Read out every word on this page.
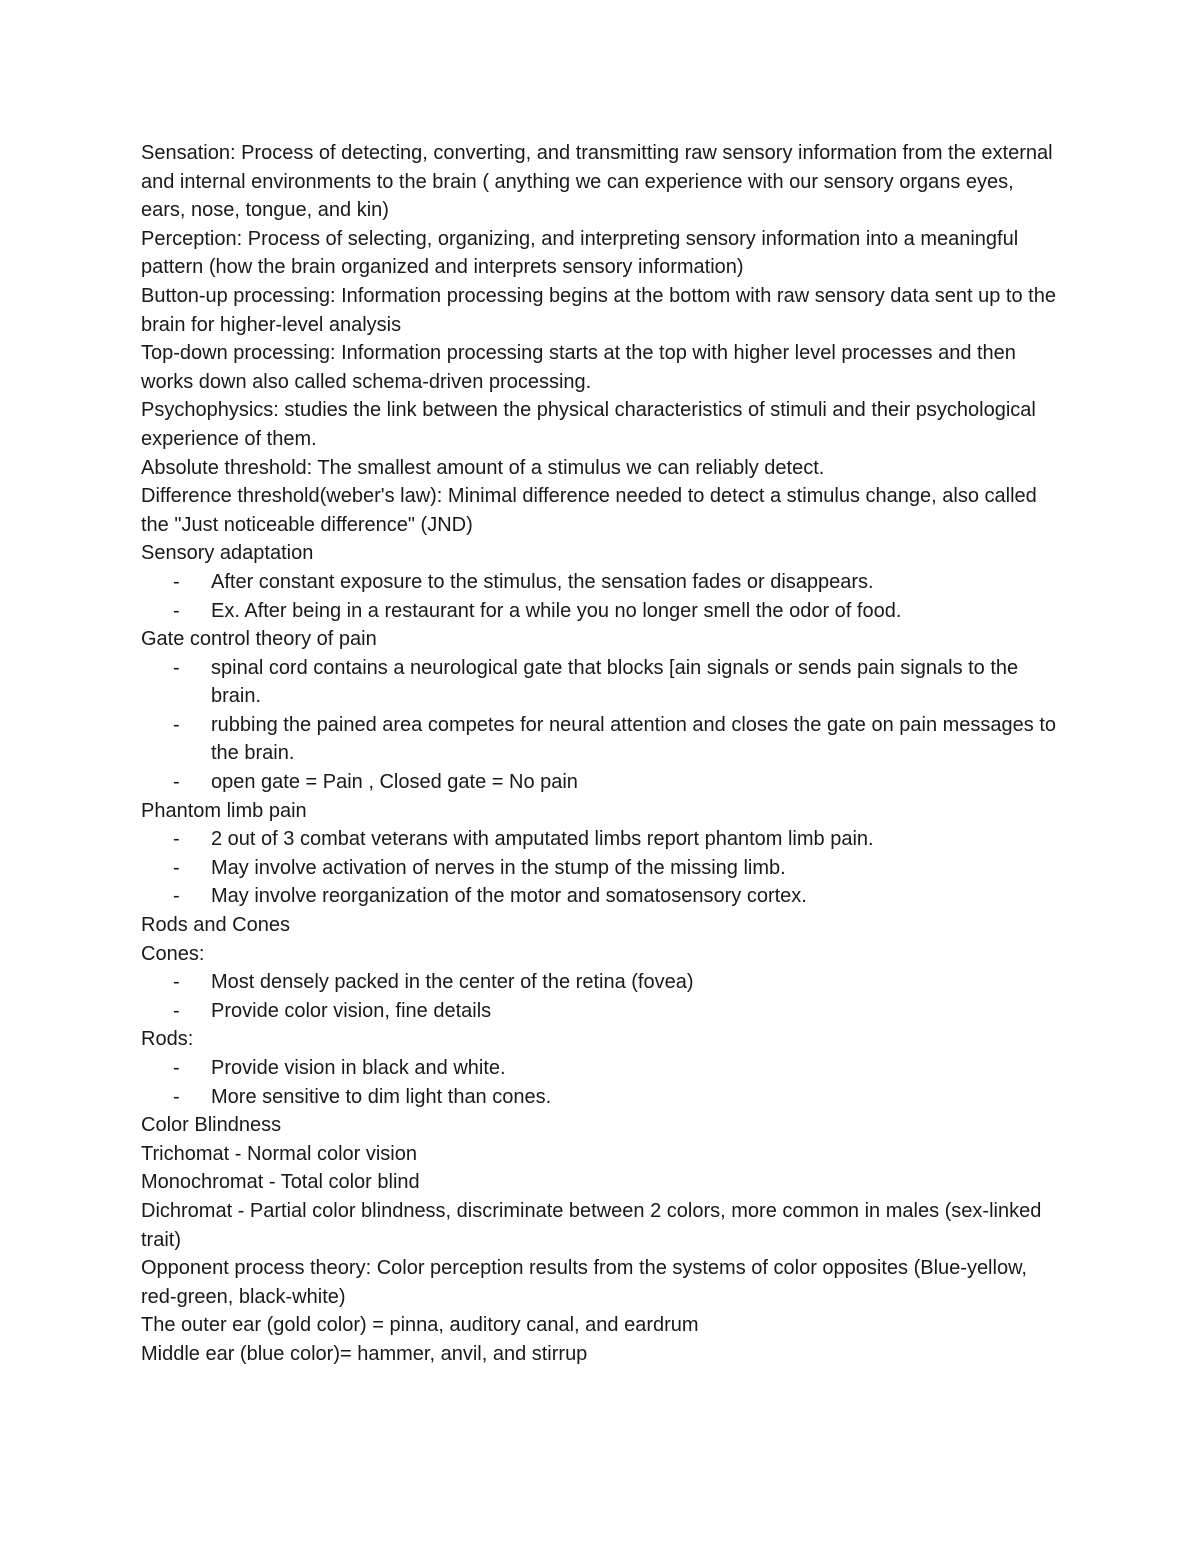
Sensation: Process of detecting, converting, and transmitting raw sensory information from the external and internal environments to the brain ( anything we can experience with our sensory organs eyes, ears, nose, tongue, and kin)

Perception: Process of selecting, organizing, and interpreting sensory information into a meaningful pattern (how the brain organized and interprets sensory information)

Button-up processing: Information processing begins at the bottom with raw sensory data sent up to the brain for higher-level analysis

Top-down processing: Information processing starts at the top with higher level processes and then works down also called schema-driven processing.

Psychophysics: studies the link between the physical characteristics of stimuli and their psychological experience of them.

Absolute threshold: The smallest amount of a stimulus we can reliably detect.

Difference threshold(weber's law): Minimal difference needed to detect a stimulus change, also called the "Just noticeable difference" (JND)

Sensory adaptation

- After constant exposure to the stimulus, the sensation fades or disappears.
- Ex. After being in a restaurant for a while you no longer smell the odor of food.

Gate control theory of pain

- spinal cord contains a neurological gate that blocks [ain signals or sends pain signals to the brain.
- rubbing the pained area competes for neural attention and closes the gate on pain messages to the brain.
- open gate = Pain , Closed gate = No pain

Phantom limb pain

- 2 out of 3 combat veterans with amputated limbs report phantom limb pain.
- May involve activation of nerves in the stump of the missing limb.
- May involve reorganization of the motor and somatosensory cortex.

Rods and Cones

Cones:

- Most densely packed in the center of the retina (fovea)
- Provide color vision, fine details

Rods:

- Provide vision in black and white.
- More sensitive to dim light than cones.

Color Blindness

Trichomat - Normal color vision

Monochromat - Total color blind

Dichromat - Partial color blindness, discriminate between 2 colors, more common in males (sex-linked trait)

Opponent process theory: Color perception results from the systems of color opposites (Blue-yellow, red-green, black-white)

The outer ear (gold color) = pinna, auditory canal, and eardrum

Middle ear (blue color)= hammer, anvil, and stirrup
